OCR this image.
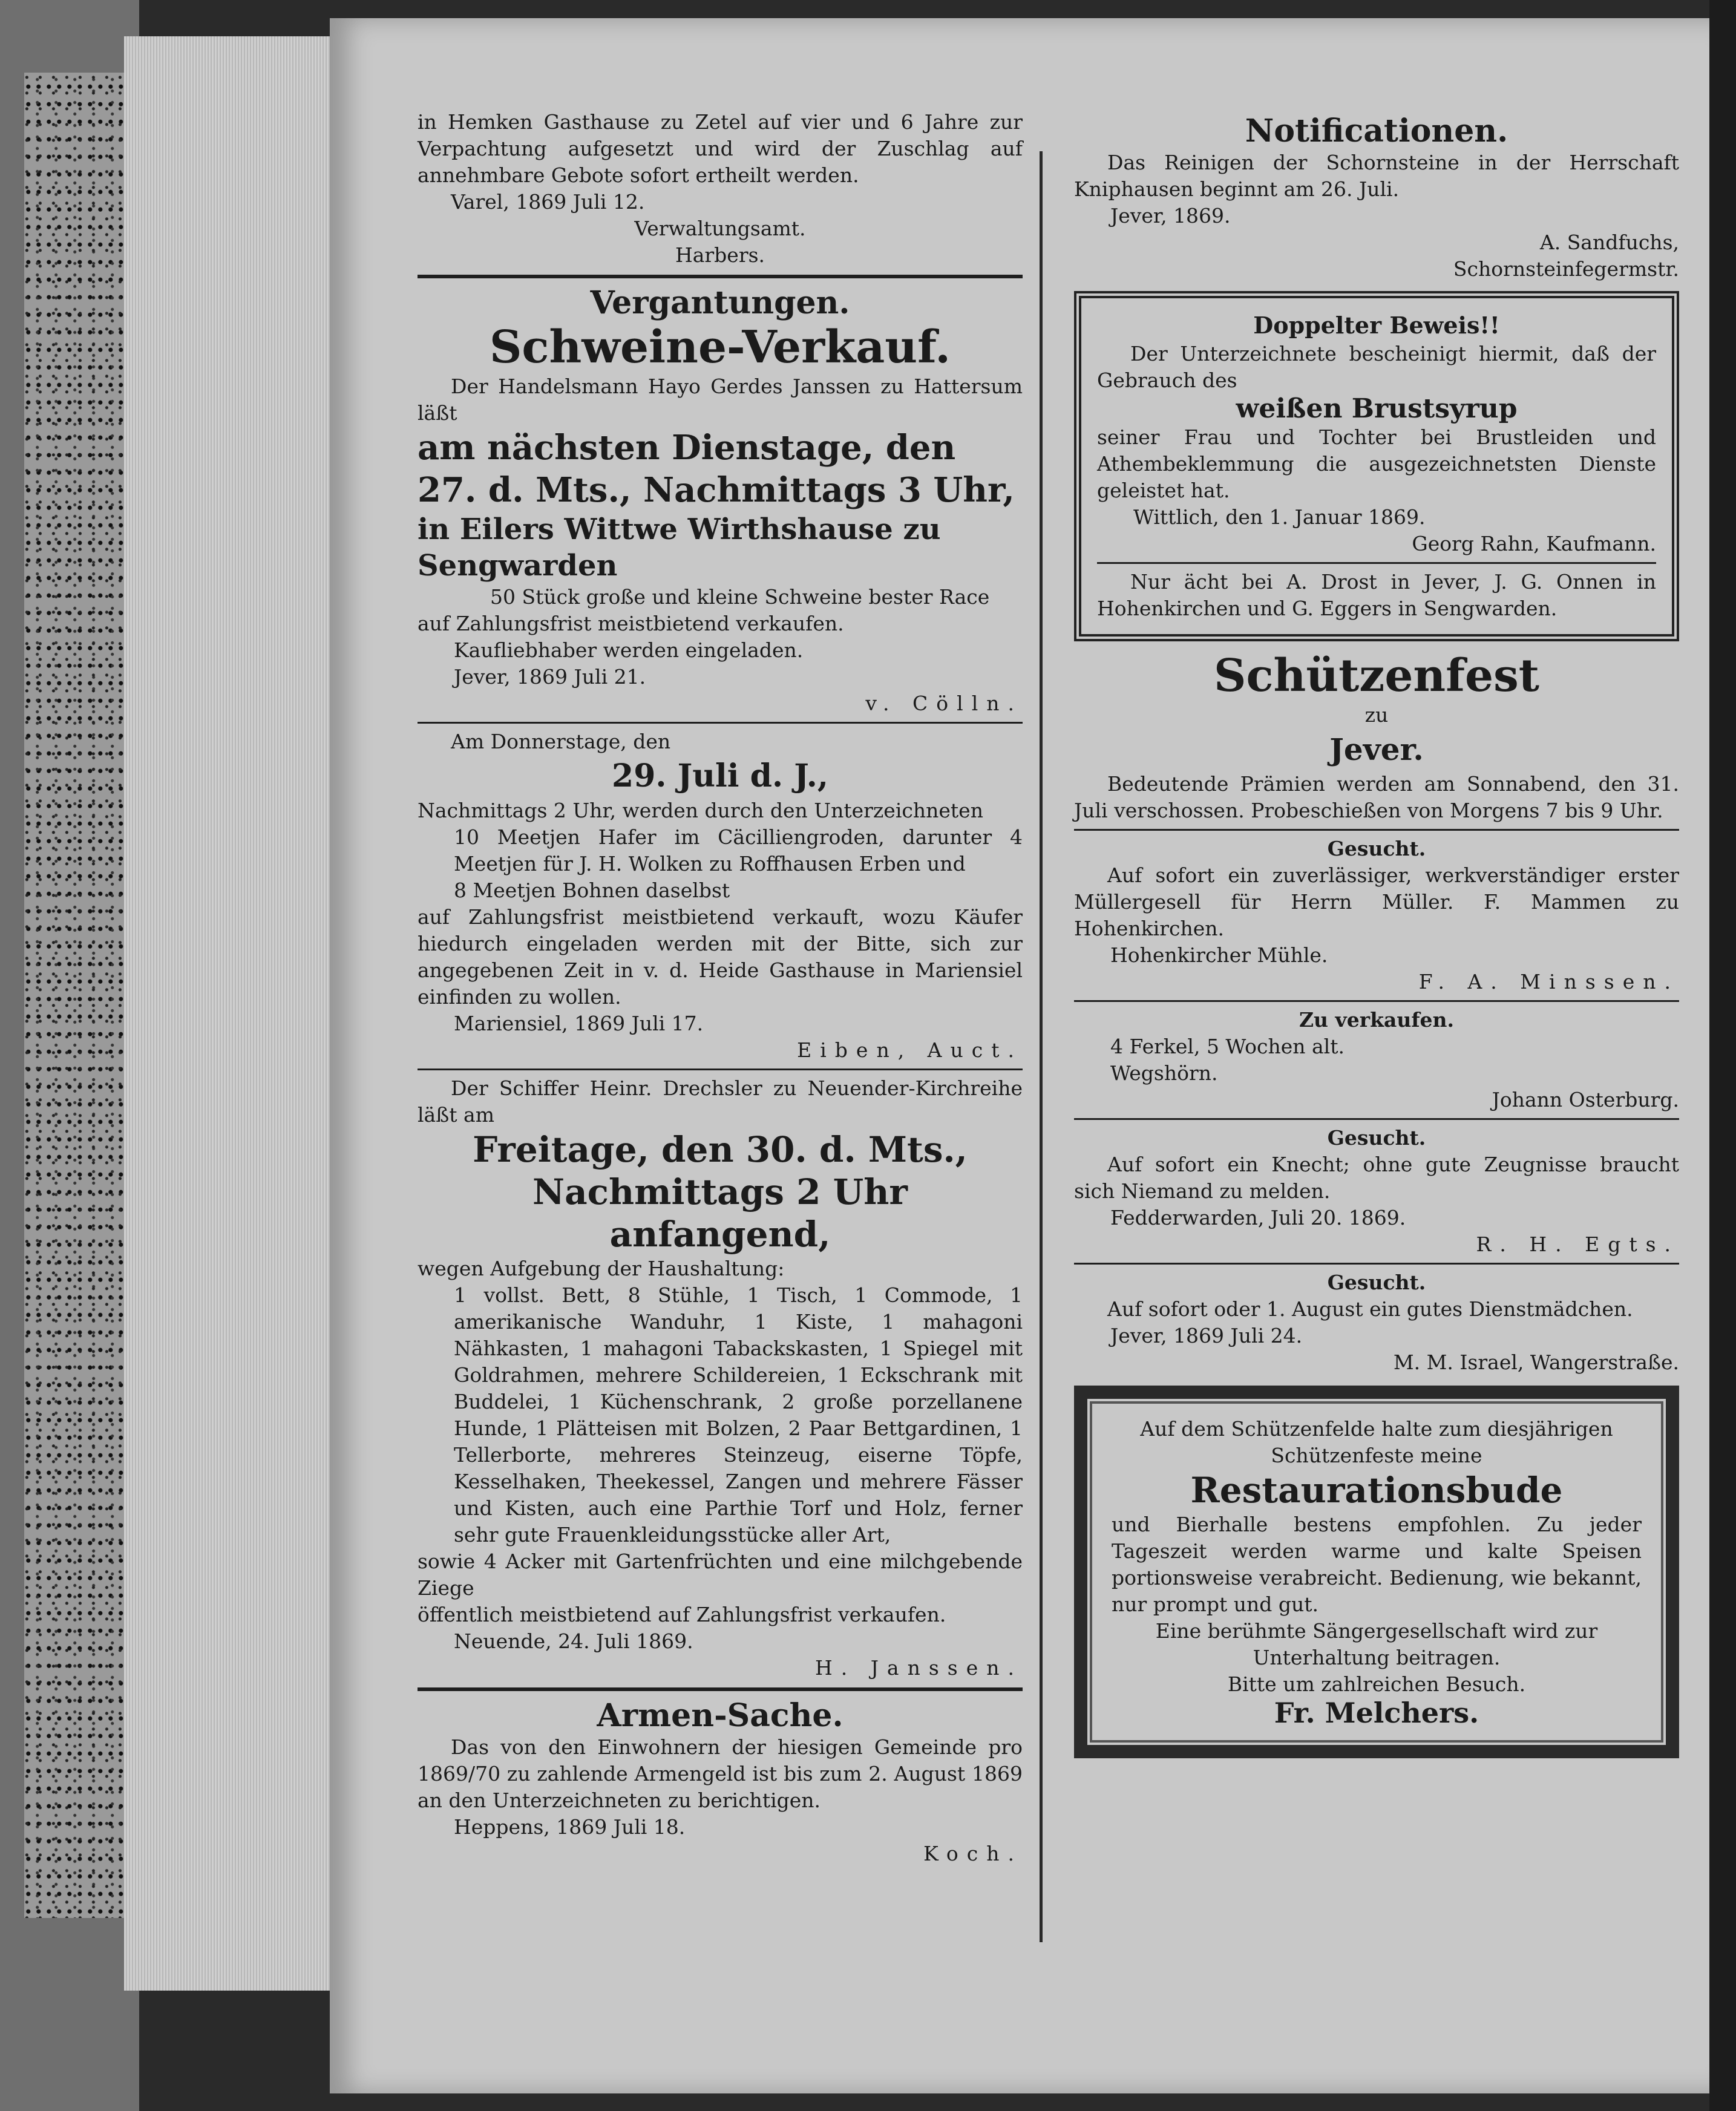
in Hemken Gasthause zu Zetel auf vier und 6 Jahre zur Verpachtung aufgesetzt und wird der Zuschlag auf annehmbare Gebote sofort ertheilt werden.

Varel, 1869 Juli 12.

Verwaltungsamt.

Harbers.

Vergantungen.

Schweine-Verkauf.

Der Handelsmann Hayo Gerdes Janssen zu Hattersum läßt

am nächsten Dienstage, den 27. d. Mts., Nachmittags 3 Uhr,

in Eilers Wittwe Wirthshause zu Sengwarden

50 Stück große und kleine Schweine bester Race

auf Zahlungsfrist meistbietend verkaufen.

Kaufliebhaber werden eingeladen.

Jever, 1869 Juli 21.

v. Cölln.

Am Donnerstage, den

29. Juli d. J.,

Nachmittags 2 Uhr, werden durch den Unterzeichneten

10 Meetjen Hafer im Cäcilliengroden, darunter 4 Meetjen für J. H. Wolken zu Roffhausen Erben und

8 Meetjen Bohnen daselbst

auf Zahlungsfrist meistbietend verkauft, wozu Käufer hiedurch eingeladen werden mit der Bitte, sich zur angegebenen Zeit in v. d. Heide Gasthause in Mariensiel einfinden zu wollen.

Mariensiel, 1869 Juli 17.

Eiben, Auct.

Der Schiffer Heinr. Drechsler zu Neuender-Kirchreihe läßt am

Freitage, den 30. d. Mts.,

Nachmittags 2 Uhr anfangend,

wegen Aufgebung der Haushaltung:

1 vollst. Bett, 8 Stühle, 1 Tisch, 1 Commode, 1 amerikanische Wanduhr, 1 Kiste, 1 mahagoni Nähkasten, 1 mahagoni Tabackskasten, 1 Spiegel mit Goldrahmen, mehrere Schildereien, 1 Eckschrank mit Buddelei, 1 Küchenschrank, 2 große porzellanene Hunde, 1 Plätteisen mit Bolzen, 2 Paar Bettgardinen, 1 Tellerborte, mehreres Steinzeug, eiserne Töpfe, Kesselhaken, Theekessel, Zangen und mehrere Fässer und Kisten, auch eine Parthie Torf und Holz, ferner sehr gute Frauenkleidungsstücke aller Art,

sowie 4 Acker mit Gartenfrüchten und eine milchgebende Ziege

öffentlich meistbietend auf Zahlungsfrist verkaufen.

Neuende, 24. Juli 1869.

H. Janssen.

Armen-Sache.

Das von den Einwohnern der hiesigen Gemeinde pro 1869/70 zu zahlende Armengeld ist bis zum 2. August 1869 an den Unterzeichneten zu berichtigen.

Heppens, 1869 Juli 18.

Koch.

Notificationen.

Das Reinigen der Schornsteine in der Herrschaft Kniphausen beginnt am 26. Juli.

Jever, 1869.

A. Sandfuchs,

Schornsteinfegermstr.

Doppelter Beweis!!

Der Unterzeichnete bescheinigt hiermit, daß der Gebrauch des

weißen Brustsyrup

seiner Frau und Tochter bei Brustleiden und Athembeklemmung die ausgezeichnetsten Dienste geleistet hat.

Wittlich, den 1. Januar 1869.

Georg Rahn, Kaufmann.

Nur ächt bei A. Drost in Jever, J. G. Onnen in Hohenkirchen und G. Eggers in Sengwarden.

Schützenfest

zu

Jever.

Bedeutende Prämien werden am Sonnabend, den 31. Juli verschossen. Probeschießen von Morgens 7 bis 9 Uhr.

Gesucht.

Auf sofort ein zuverlässiger, werkverständiger erster Müllergesell für Herrn Müller. F. Mammen zu Hohenkirchen.

Hohenkircher Mühle.

F. A. Minssen.

Zu verkaufen.

4 Ferkel, 5 Wochen alt.

Wegshörn.

Johann Osterburg.

Gesucht.

Auf sofort ein Knecht; ohne gute Zeugnisse braucht sich Niemand zu melden.

Fedderwarden, Juli 20. 1869.

R. H. Egts.

Gesucht.

Auf sofort oder 1. August ein gutes Dienstmädchen.

Jever, 1869 Juli 24.

M. M. Israel, Wangerstraße.

Auf dem Schützenfelde halte zum diesjährigen Schützenfeste meine

Restaurationsbude

und Bierhalle bestens empfohlen. Zu jeder Tageszeit werden warme und kalte Speisen portionsweise verabreicht. Bedienung, wie bekannt, nur prompt und gut.

Eine berühmte Sängergesellschaft wird zur Unterhaltung beitragen.

Bitte um zahlreichen Besuch.

Fr. Melchers.
